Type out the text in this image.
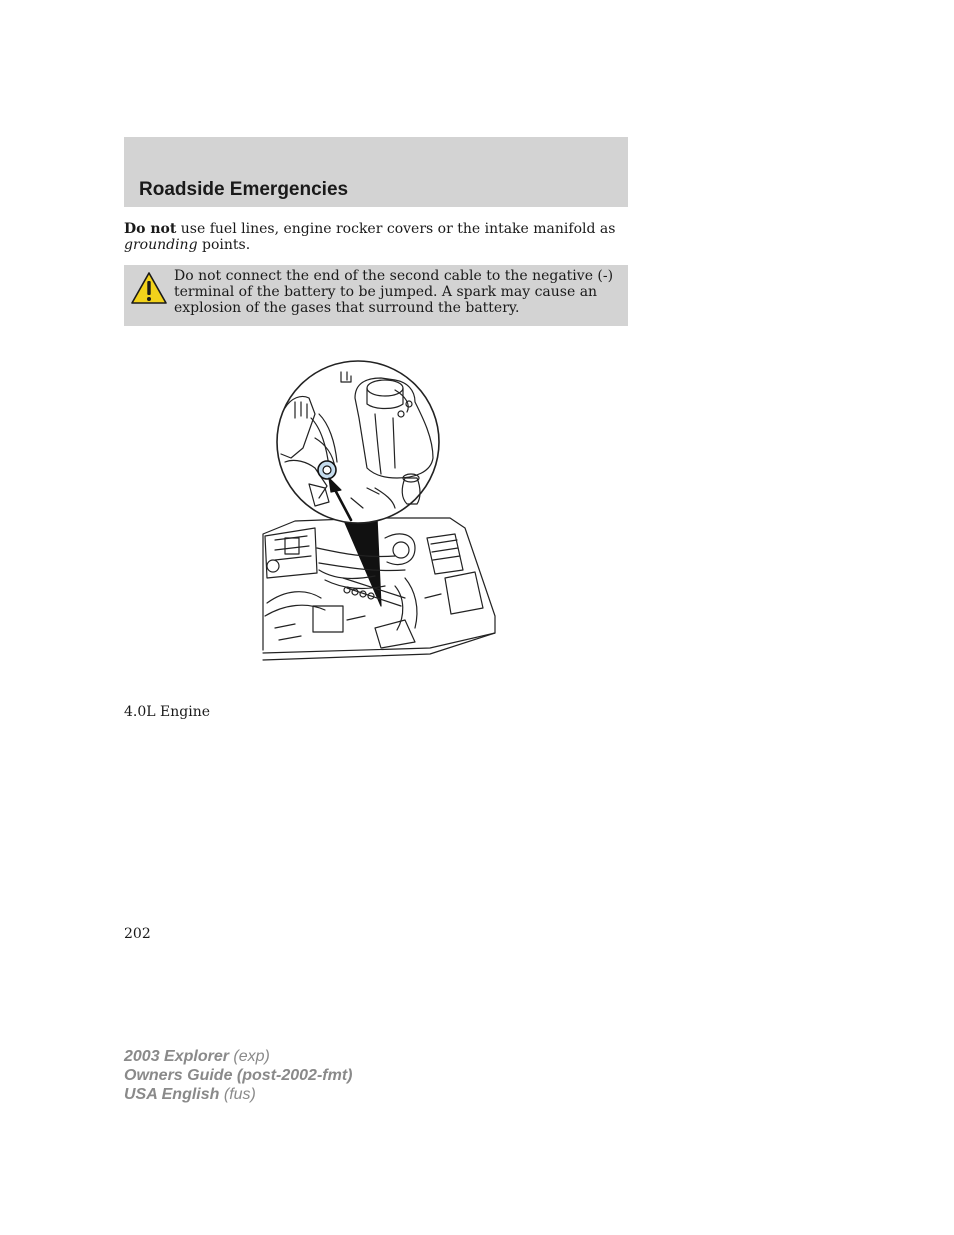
Roadside Emergencies

Do not use fuel lines, engine rocker covers or the intake manifold as grounding points.

Do not connect the end of the second cable to the negative (-) terminal of the battery to be jumped. A spark may cause an explosion of the gases that surround the battery.

4.0L Engine

202

2003 Explorer (exp)
Owners Guide (post-2002-fmt)
USA English (fus)
